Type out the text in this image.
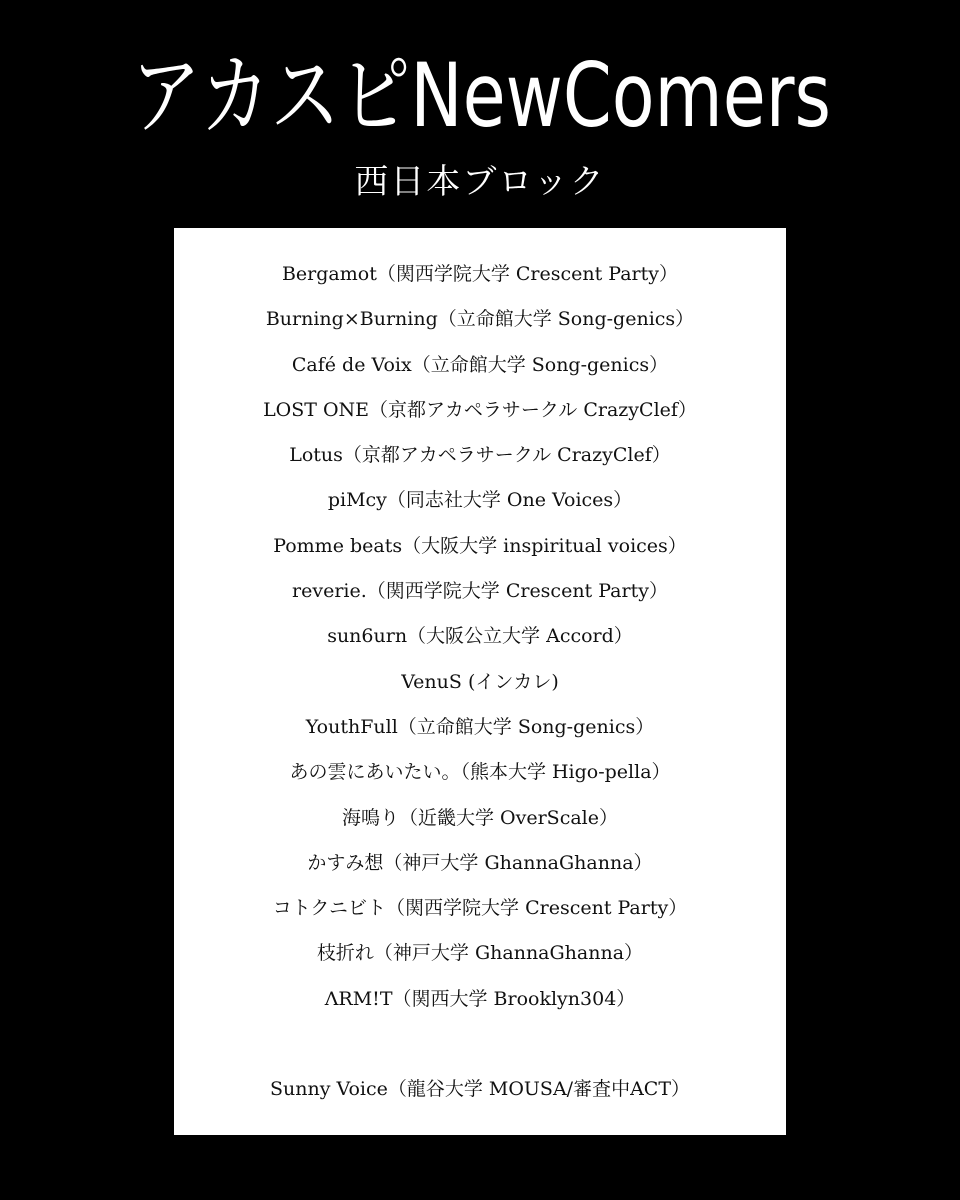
アカスピNewComers
西日本ブロック
Bergamot（関西学院大学 Crescent Party）
Burning×Burning（立命館大学 Song-genics）
Café de Voix（立命館大学 Song-genics）
LOST ONE（京都アカペラサークル CrazyClef）
Lotus（京都アカペラサークル CrazyClef）
piMcy（同志社大学 One Voices）
Pomme beats（大阪大学 inspiritual voices）
reverie.（関西学院大学 Crescent Party）
sun6urn（大阪公立大学 Accord）
VenuS (インカレ)
YouthFull（立命館大学 Song-genics）
あの雲にあいたい。（熊本大学 Higo-pella）
海鳴り（近畿大学 OverScale）
かすみ想（神戸大学 GhannaGhanna）
コトクニビト（関西学院大学 Crescent Party）
枝折れ（神戸大学 GhannaGhanna）
ΛRM!T（関西大学 Brooklyn304）
Sunny Voice（龍谷大学 MOUSA/審査中ACT）
